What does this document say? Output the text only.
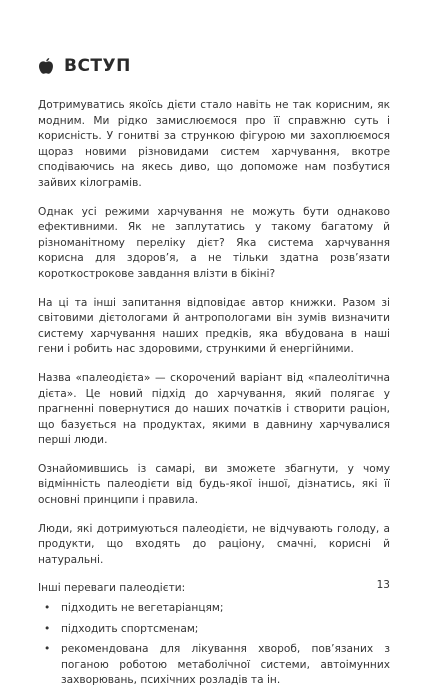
ВСТУП

Дотримуватись якоїсь дієти стало навіть не так корисним, як модним. Ми рідко замислюємося про її справжню суть і корисність. У гонитві за стрункою фігурою ми захоплюємося щораз новими різновидами систем харчування, вкотре сподіваючись на якесь диво, що допоможе нам позбутися зайвих кілограмів.

Однак усі режими харчування не можуть бути однаково ефективними. Як не заплутатись у такому багатому й різноманітному переліку дієт? Яка система харчування корисна для здоров’я, а не тільки здатна розв’язати короткострокове завдання влізти в бікіні?

На ці та інші запитання відповідає автор книжки. Разом зі світовими дієтологами й антропологами він зумів визначити систему харчування наших предків, яка вбудована в наші гени і робить нас здоровими, стрункими й енергійними.

Назва «палеодієта» — скорочений варіант від «палеолітична дієта». Це новий підхід до харчування, який полягає у прагненні повернутися до наших початків і створити раціон, що базується на продуктах, якими в давнину харчувалися перші люди.

Ознайомившись із самарі, ви зможете збагнути, у чому відмінність палеодієти від будь-якої іншої, дізнатись, які її основні принципи і правила.

Люди, які дотримуються палеодієти, не відчувають голоду, а продукти, що входять до раціону, смачні, корисні й натуральні.

Інші переваги палеодієти:

• підходить не вегетаріанцям;
• підходить спортсменам;
• рекомендована для лікування хвороб, пов’язаних з поганою роботою метаболічної системи, автоімунних захворювань, психічних розладів та ін.
13
